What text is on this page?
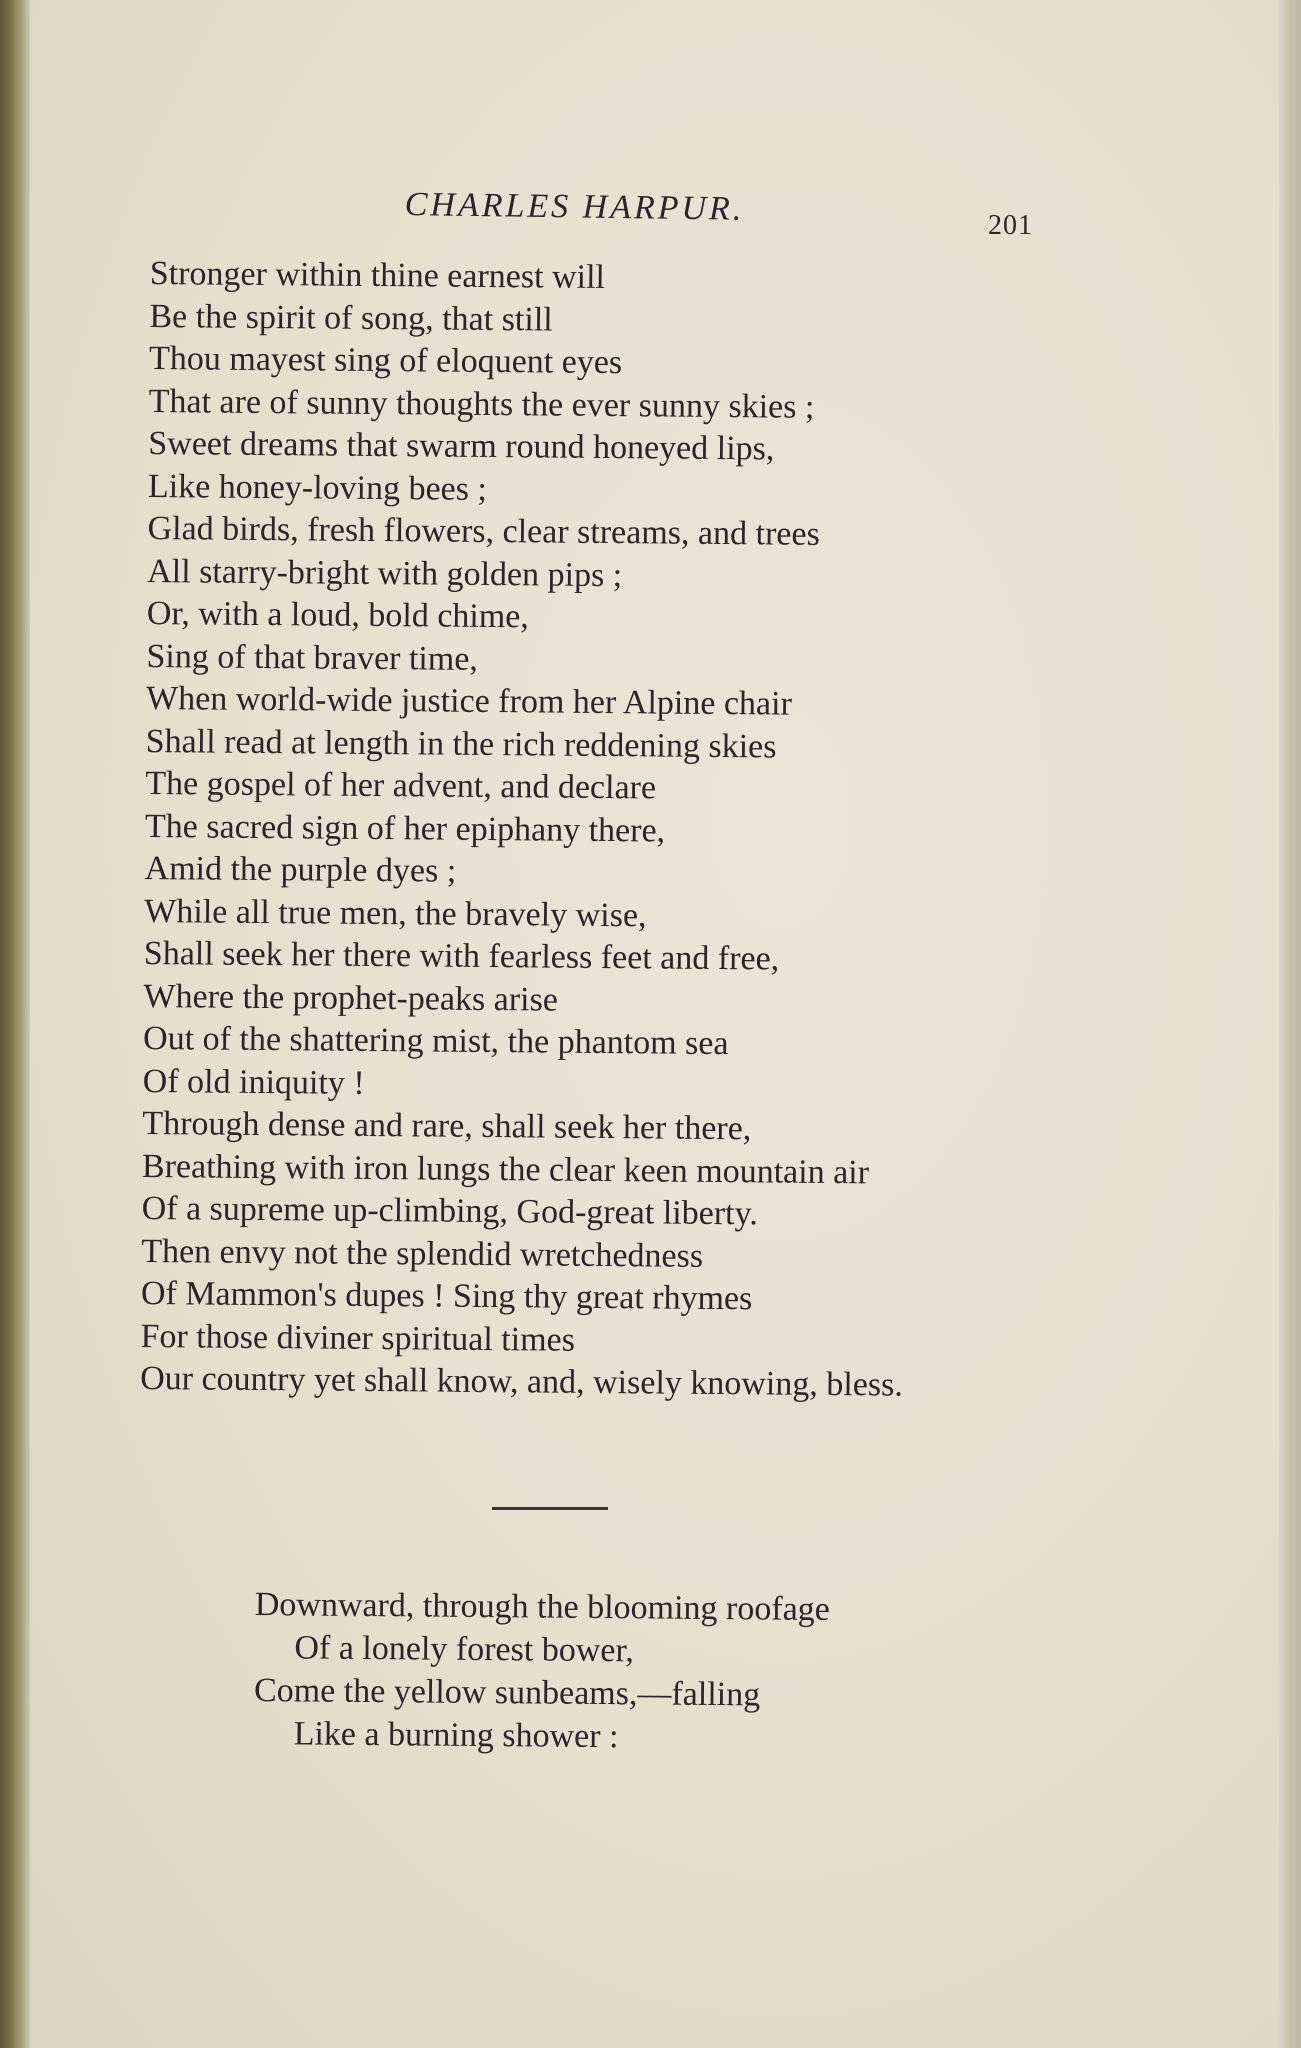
CHARLES HARPUR.	201
Stronger within thine earnest will
Be the spirit of song, that still
Thou mayest sing of eloquent eyes
That are of sunny thoughts the ever sunny skies ;
Sweet dreams that swarm round honeyed lips,
Like honey-loving bees ;
Glad birds, fresh flowers, clear streams, and trees
All starry-bright with golden pips ;
Or, with a loud, bold chime,
Sing of that braver time,
When world-wide justice from her Alpine chair
Shall read at length in the rich reddening skies
The gospel of her advent, and declare
The sacred sign of her epiphany there,
Amid the purple dyes ;
While all true men, the bravely wise,
Shall seek her there with fearless feet and free,
Where the prophet-peaks arise
Out of the shattering mist, the phantom sea
Of old iniquity !
Through dense and rare, shall seek her there,
Breathing with iron lungs the clear keen mountain air
Of a supreme up-climbing, God-great liberty.
Then envy not the splendid wretchedness
Of Mammon's dupes ! Sing thy great rhymes
For those diviner spiritual times
Our country yet shall know, and, wisely knowing, bless.
Downward, through the blooming roofage
Of a lonely forest bower,
Come the yellow sunbeams,—falling
Like a burning shower :
